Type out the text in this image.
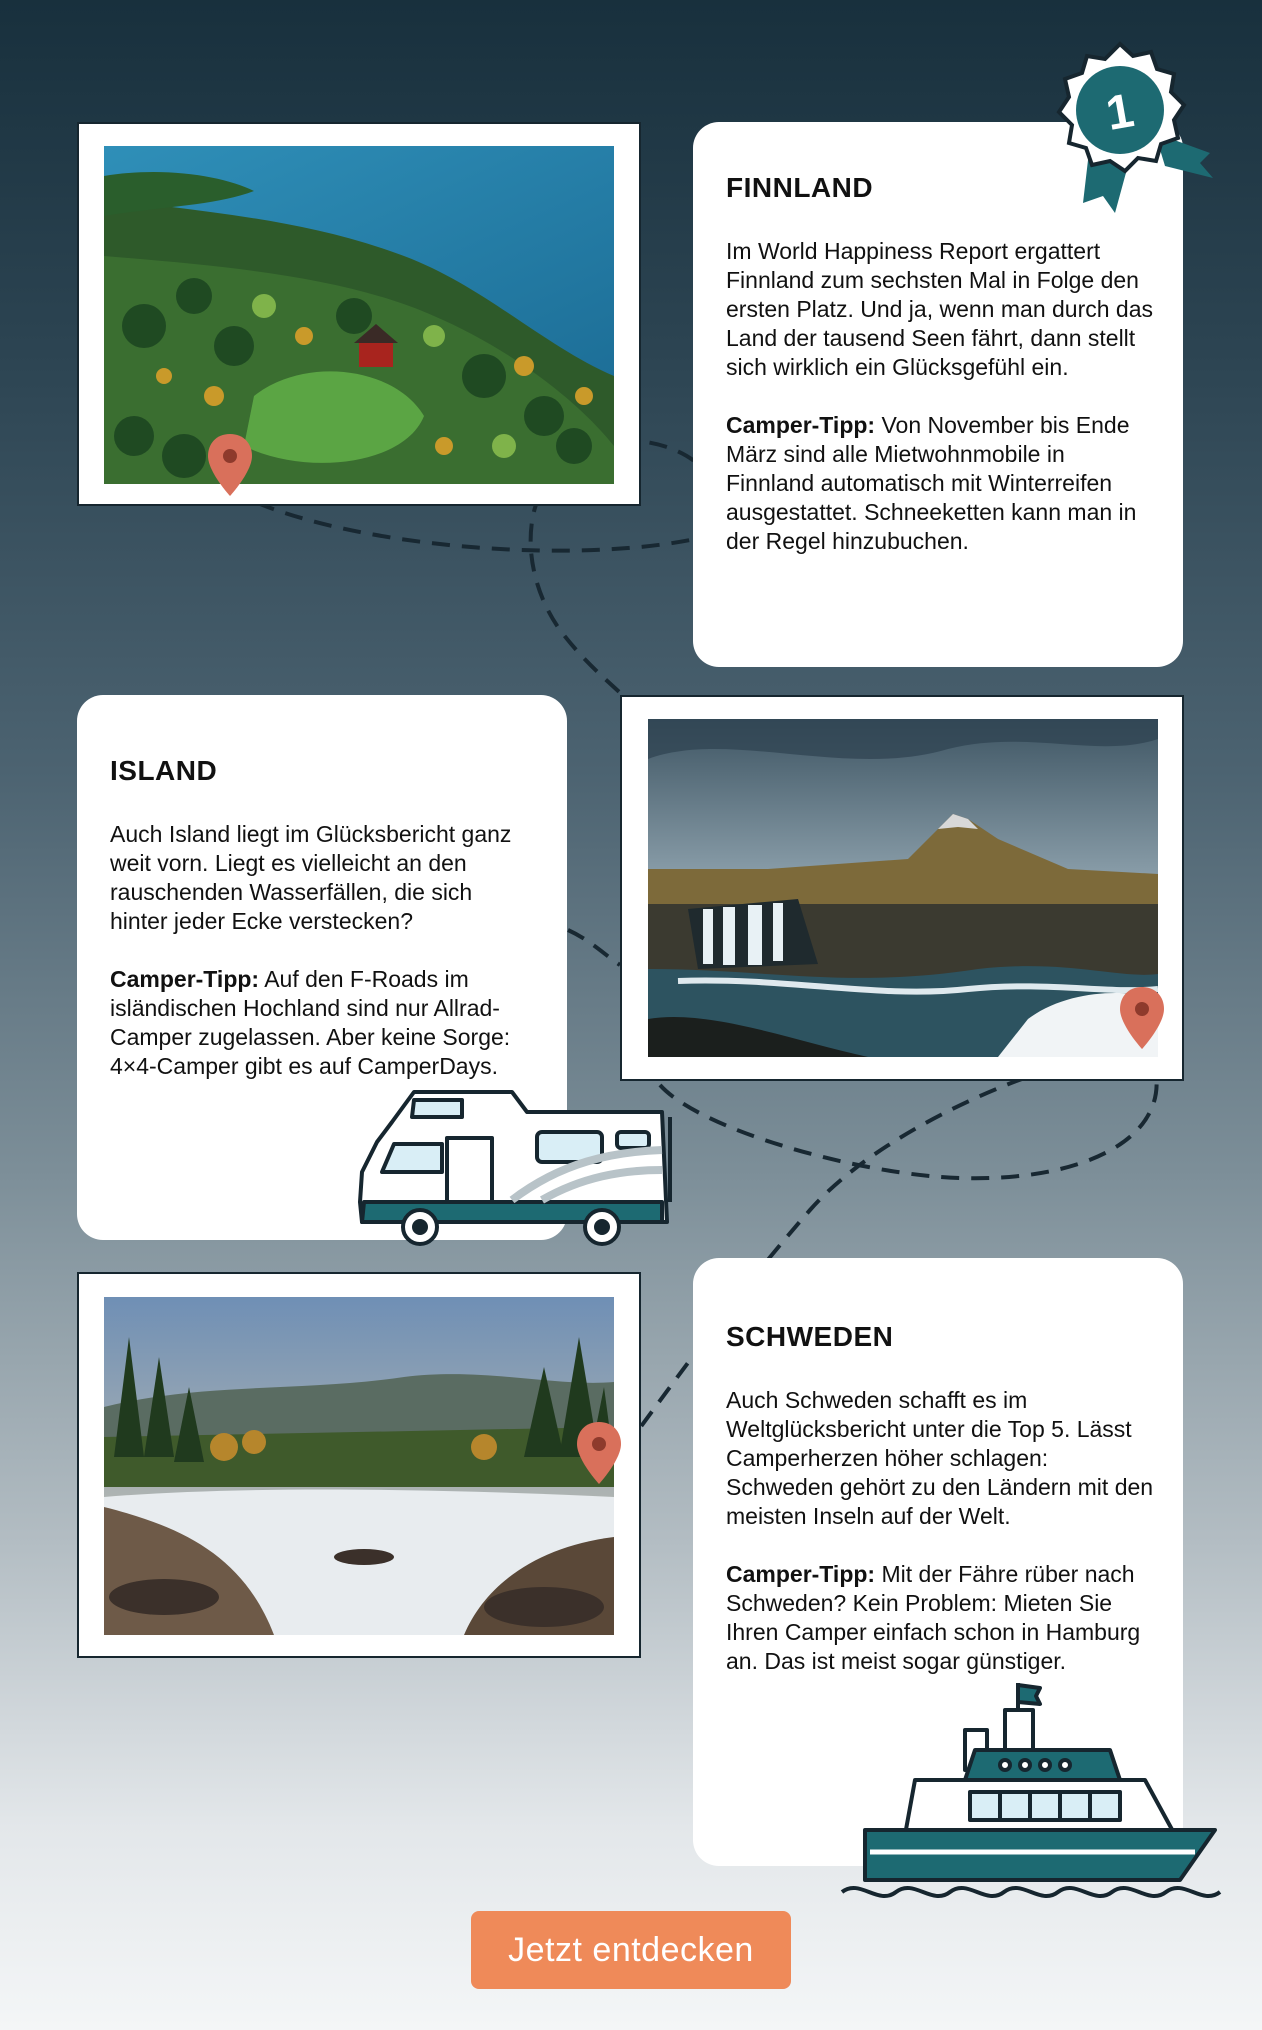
FINNLAND

Im World Happiness Report ergattert Finnland zum sechsten Mal in Folge den ersten Platz. Und ja, wenn man durch das Land der tausend Seen fährt, dann stellt sich wirklich ein Glücksgefühl ein.

Camper-Tipp: Von November bis Ende März sind alle Mietwohnmobile in Finnland automatisch mit Winterreifen ausgestattet. Schneeketten kann man in der Regel hinzubuchen.

1
ISLAND

Auch Island liegt im Glücksbericht ganz weit vorn. Liegt es vielleicht an den rauschenden Wasserfällen, die sich hinter jeder Ecke verstecken?

Camper-Tipp: Auf den F-Roads im isländischen Hochland sind nur Allrad-Camper zugelassen. Aber keine Sorge: 4×4-Camper gibt es auf CamperDays.

SCHWEDEN

Auch Schweden schafft es im Weltglücksbericht unter die Top 5. Lässt Camperherzen höher schlagen: Schweden gehört zu den Ländern mit den meisten Inseln auf der Welt.

Camper-Tipp: Mit der Fähre rüber nach Schweden? Kein Problem: Mieten Sie Ihren Camper einfach schon in Hamburg an. Das ist meist sogar günstiger.

Jetzt entdecken
